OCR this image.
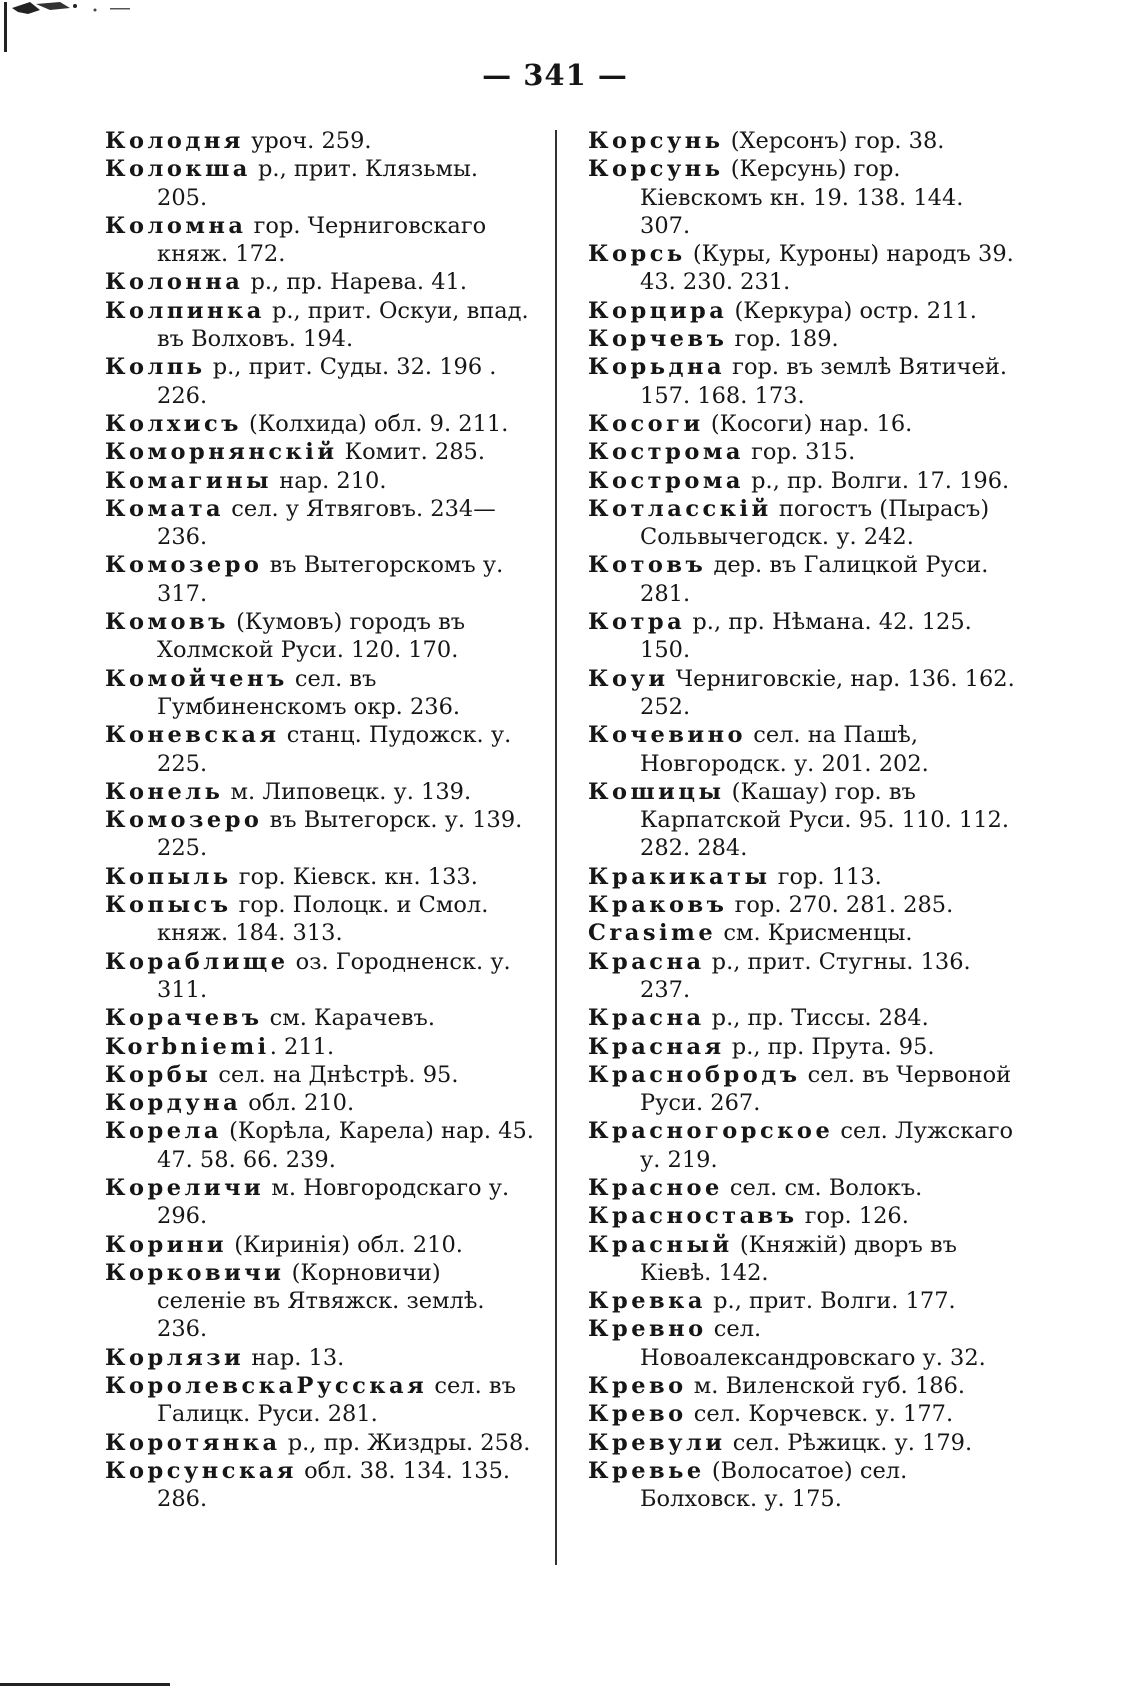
— 341 —

Колодня уроч. 259.

Колокша р., прит. Клязьмы. 205.

Коломна гор. Черниговскаго княж. 172.

Колонна р., пр. Нарева. 41.

Колпинка р., прит. Оскуи, впад. въ Волховъ. 194.

Колпь р., прит. Суды. 32. 196 . 226.

Колхисъ (Колхида) обл. 9. 211.

Коморнянскій Комит. 285.

Комагины нар. 210.

Комата сел. у Ятвяговъ. 234—236.

Комозеро въ Вытегорскомъ у. 317.

Комовъ (Кумовъ) городъ въ Холмской Руси. 120. 170.

Комойченъ сел. въ Гумбиненскомъ окр. 236.

Коневская станц. Пудожск. у. 225.

Конель м. Липовецк. у. 139.

Комозеро въ Вытегорск. у. 139. 225.

Копыль гор. Кіевск. кн. 133.

Копысъ гор. Полоцк. и Смол. княж. 184. 313.

Кораблище оз. Городненск. у. 311.

Корачевъ см. Карачевъ.

Korbniemi. 211.

Корбы сел. на Днѣстрѣ. 95.

Кордуна обл. 210.

Корела (Корѣла, Карела) нар. 45. 47. 58. 66. 239.

Кореличи м. Новгородскаго у. 296.

Корини (Киринія) обл. 210.

Корковичи (Корновичи) селеніе въ Ятвяжск. землѣ. 236.

Корлязи нар. 13.

КоролевскаРусская сел. въ Галицк. Руси. 281.

Коротянка р., пр. Жиздры. 258.

Корсунская обл. 38. 134. 135. 286.

Корсунь (Херсонъ) гор. 38.

Корсунь (Керсунь) гор. Кіевскомъ кн. 19. 138. 144. 307.

Корсь (Куры, Куроны) народъ 39. 43. 230. 231.

Корцира (Керкура) остр. 211.

Корчевъ гор. 189.

Корьдна гор. въ землѣ Вятичей. 157. 168. 173.

Косоги (Косоги) нар. 16.

Кострома гор. 315.

Кострома р., пр. Волги. 17. 196.

Котласскій погостъ (Пырасъ) Сольвычегодск. у. 242.

Котовъ дер. въ Галицкой Руси. 281.

Котра р., пр. Нѣмана. 42. 125. 150.

Коуи Черниговскіе, нар. 136. 162. 252.

Кочевино сел. на Пашѣ, Новгородск. у. 201. 202.

Кошицы (Кашау) гор. въ Карпатской Руси. 95. 110. 112. 282. 284.

Кракикаты гор. 113.

Краковъ гор. 270. 281. 285.

Crasime см. Крисменцы.

Красна р., прит. Стугны. 136. 237.

Красна р., пр. Тиссы. 284.

Красная р., пр. Прута. 95.

Краснобродъ сел. въ Червоной Руси. 267.

Красногорское сел. Лужскаго у. 219.

Красное сел. см. Волокъ.

Красноставъ гор. 126.

Красный (Княжій) дворъ въ Кіевѣ. 142.

Кревка р., прит. Волги. 177.

Кревно сел. Новоалександровскаго у. 32.

Крево м. Виленской губ. 186.

Крево сел. Корчевск. у. 177.

Кревули сел. Рѣжицк. у. 179.

Кревье (Волосатое) сел. Болховск. у. 175.
